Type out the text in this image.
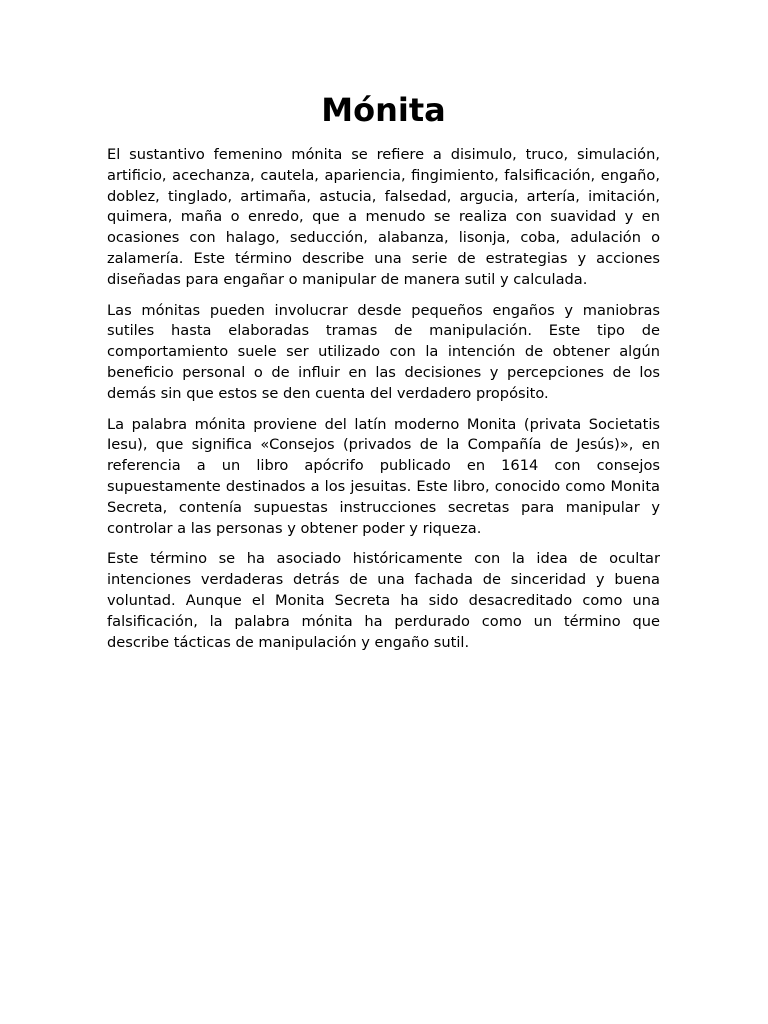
Mónita

El sustantivo femenino mónita se refiere a disimulo, truco, simulación, artificio, acechanza, cautela, apariencia, fingimiento, falsificación, engaño, doblez, tinglado, artimaña, astucia, falsedad, argucia, artería, imitación, quimera, maña o enredo, que a menudo se realiza con suavidad y en ocasiones con halago, seducción, alabanza, lisonja, coba, adulación o zalamería. Este término describe una serie de estrategias y acciones diseñadas para engañar o manipular de manera sutil y calculada.

Las mónitas pueden involucrar desde pequeños engaños y maniobras sutiles hasta elaboradas tramas de manipulación. Este tipo de comportamiento suele ser utilizado con la intención de obtener algún beneficio personal o de influir en las decisiones y percepciones de los demás sin que estos se den cuenta del verdadero propósito.

La palabra mónita proviene del latín moderno Monita (privata Societatis Iesu), que significa «Consejos (privados de la Compañía de Jesús)», en referencia a un libro apócrifo publicado en 1614 con consejos supuestamente destinados a los jesuitas. Este libro, conocido como Monita Secreta, contenía supuestas instrucciones secretas para manipular y controlar a las personas y obtener poder y riqueza.

Este término se ha asociado históricamente con la idea de ocultar intenciones verdaderas detrás de una fachada de sinceridad y buena voluntad. Aunque el Monita Secreta ha sido desacreditado como una falsificación, la palabra mónita ha perdurado como un término que describe tácticas de manipulación y engaño sutil.
